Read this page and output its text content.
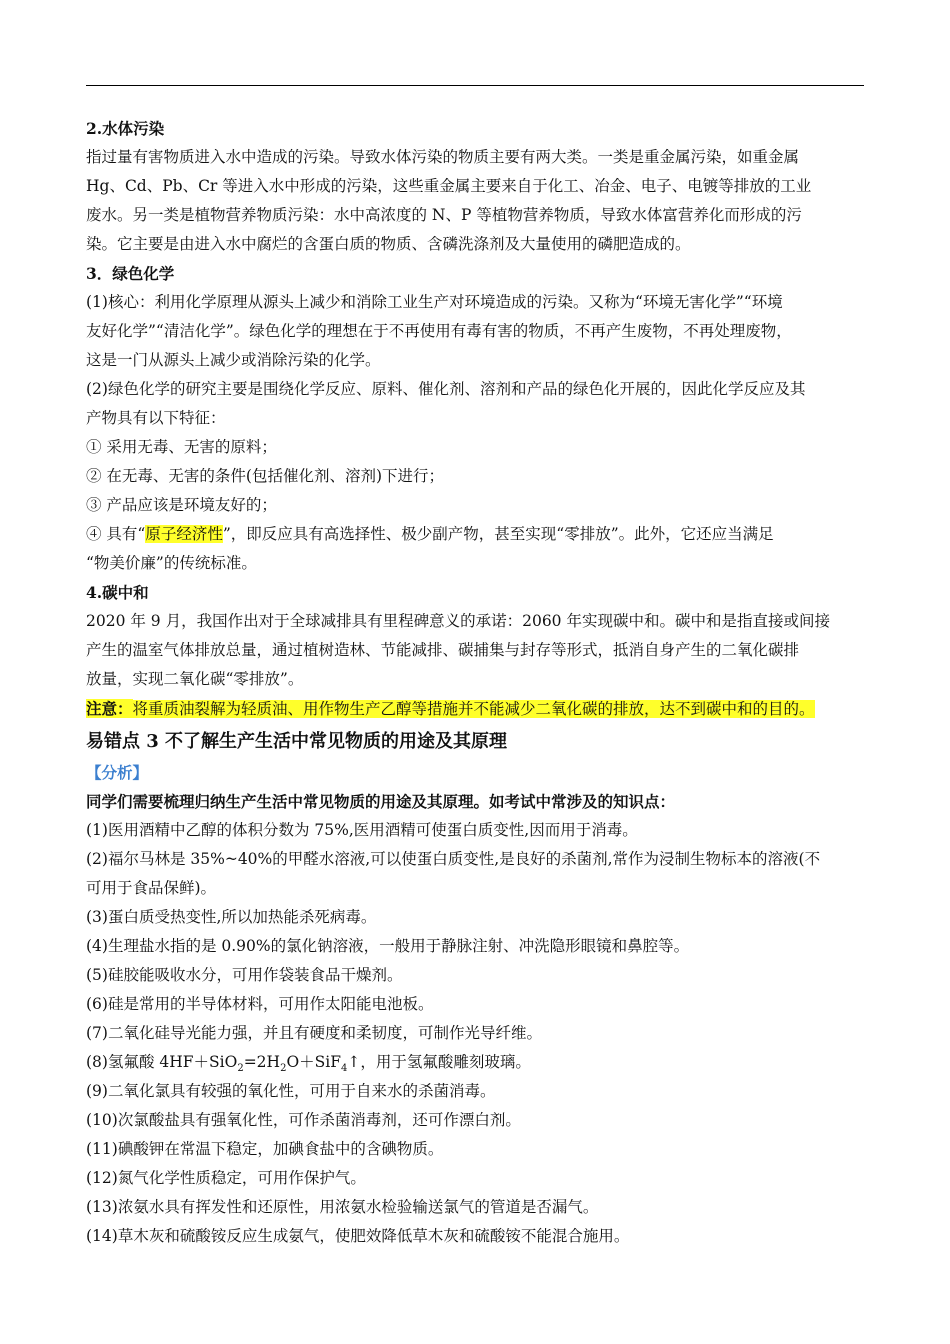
2.水体污染

指过量有害物质进入水中造成的污染。导致水体污染的物质主要有两大类。一类是重金属污染，如重金属

Hg、Cd、Pb、Cr 等进入水中形成的污染，这些重金属主要来自于化工、冶金、电子、电镀等排放的工业

废水。另一类是植物营养物质污染：水中高浓度的 N、P 等植物营养物质，导致水体富营养化而形成的污

染。它主要是由进入水中腐烂的含蛋白质的物质、含磷洗涤剂及大量使用的磷肥造成的。

3．绿色化学

(1)核心：利用化学原理从源头上减少和消除工业生产对环境造成的污染。又称为“环境无害化学”“环境

友好化学”“清洁化学”。绿色化学的理想在于不再使用有毒有害的物质，不再产生废物，不再处理废物，

这是一门从源头上减少或消除污染的化学。

(2)绿色化学的研究主要是围绕化学反应、原料、催化剂、溶剂和产品的绿色化开展的，因此化学反应及其

产物具有以下特征：

① 采用无毒、无害的原料；

② 在无毒、无害的条件(包括催化剂、溶剂)下进行；

③ 产品应该是环境友好的；

④ 具有“原子经济性”，即反应具有高选择性、极少副产物，甚至实现“零排放”。此外，它还应当满足

“物美价廉”的传统标准。

4.碳中和

2020 年 9 月，我国作出对于全球减排具有里程碑意义的承诺：2060 年实现碳中和。碳中和是指直接或间接

产生的温室气体排放总量，通过植树造林、节能减排、碳捕集与封存等形式，抵消自身产生的二氧化碳排

放量，实现二氧化碳“零排放”。

注意：将重质油裂解为轻质油、用作物生产乙醇等措施并不能减少二氧化碳的排放，达不到碳中和的目的。

易错点 3 不了解生产生活中常见物质的用途及其原理

【分析】

同学们需要梳理归纳生产生活中常见物质的用途及其原理。如考试中常涉及的知识点：

(1)医用酒精中乙醇的体积分数为 75%,医用酒精可使蛋白质变性,因而用于消毒。

(2)福尔马林是 35%~40%的甲醛水溶液,可以使蛋白质变性,是良好的杀菌剂,常作为浸制生物标本的溶液(不

可用于食品保鲜)。

(3)蛋白质受热变性,所以加热能杀死病毒。

(4)生理盐水指的是 0.90%的氯化钠溶液，一般用于静脉注射、冲洗隐形眼镜和鼻腔等。

(5)硅胶能吸收水分，可用作袋装食品干燥剂。

(6)硅是常用的半导体材料，可用作太阳能电池板。

(7)二氧化硅导光能力强，并且有硬度和柔韧度，可制作光导纤维。

(8)氢氟酸 $4HF+SiO_2=2H_2O+SiF_4↑$，用于氢氟酸雕刻玻璃。

(9)二氧化氯具有较强的氧化性，可用于自来水的杀菌消毒。

(10)次氯酸盐具有强氧化性，可作杀菌消毒剂，还可作漂白剂。

(11)碘酸钾在常温下稳定，加碘食盐中的含碘物质。

(12)氮气化学性质稳定，可用作保护气。

(13)浓氨水具有挥发性和还原性，用浓氨水检验输送氯气的管道是否漏气。

(14)草木灰和硫酸铵反应生成氨气，使肥效降低草木灰和硫酸铵不能混合施用。
